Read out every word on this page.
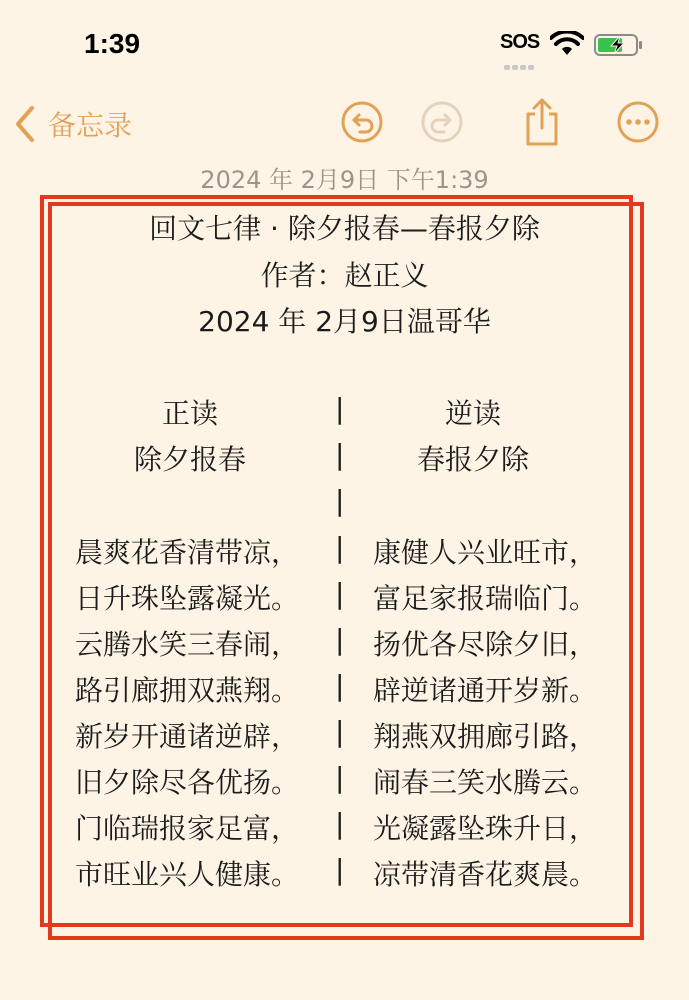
1:39	SOS
备忘录
2024 年 2月9日 下午1:39
回文七律 · 除夕报春—春报夕除
作者：赵正义
2024 年 2月9日温哥华
正读	|	逆读
除夕报春	|	春报夕除
|
晨爽花香清带凉， | 康健人兴业旺市，
日升珠坠露凝光。 | 富足家报瑞临门。
云腾水笑三春闹， | 扬优各尽除夕旧，
路引廊拥双燕翔。 | 辟逆诸通开岁新。
新岁开通诸逆辟， | 翔燕双拥廊引路，
旧夕除尽各优扬。 | 闹春三笑水腾云。
门临瑞报家足富， | 光凝露坠珠升日，
市旺业兴人健康。 | 凉带清香花爽晨。
